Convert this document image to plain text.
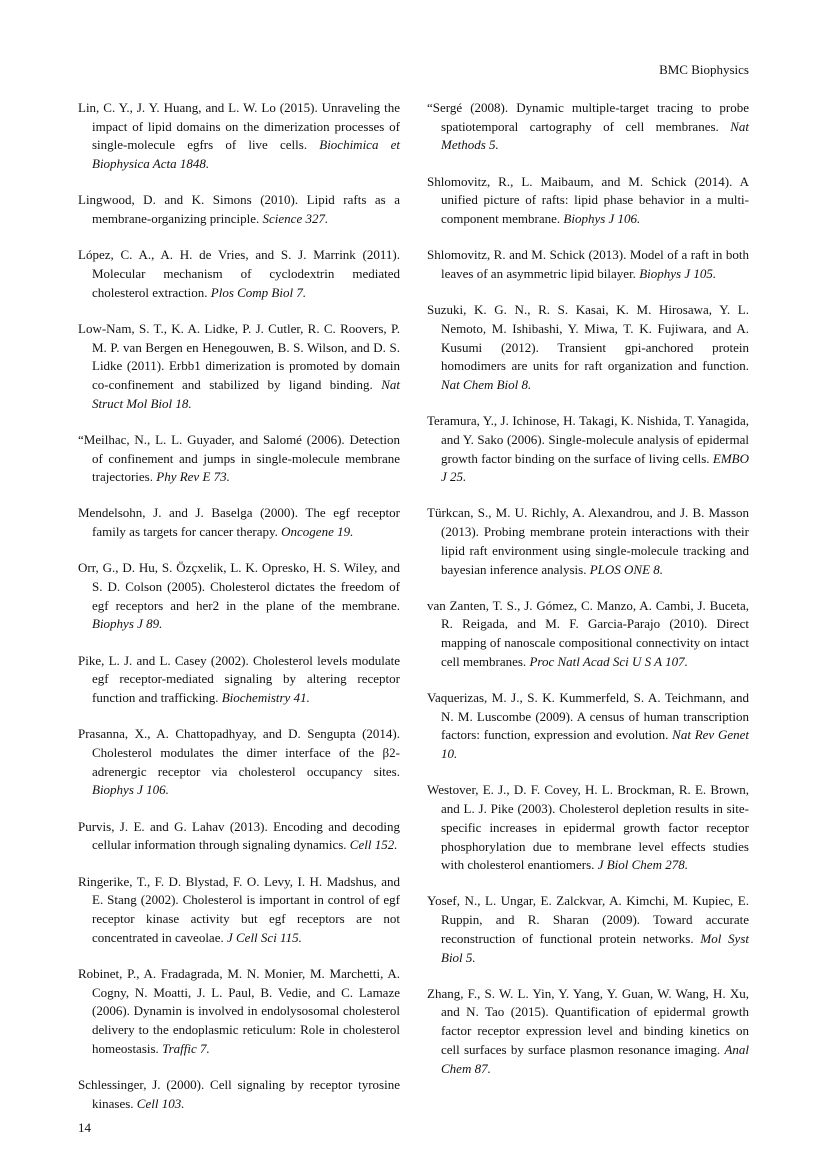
BMC Biophysics

Lin, C. Y., J. Y. Huang, and L. W. Lo (2015). Unraveling the impact of lipid domains on the dimerization processes of single-molecule egfrs of live cells. Biochimica et Biophysica Acta 1848.

Lingwood, D. and K. Simons (2010). Lipid rafts as a membrane-organizing principle. Science 327.

López, C. A., A. H. de Vries, and S. J. Marrink (2011). Molecular mechanism of cyclodextrin mediated cholesterol extraction. Plos Comp Biol 7.

Low-Nam, S. T., K. A. Lidke, P. J. Cutler, R. C. Roovers, P. M. P. van Bergen en Henegouwen, B. S. Wilson, and D. S. Lidke (2011). Erbb1 dimerization is promoted by domain co-confinement and stabilized by ligand binding. Nat Struct Mol Biol 18.

“Meilhac, N., L. L. Guyader, and Salomé (2006). Detection of confinement and jumps in single-molecule membrane trajectories. Phy Rev E 73.

Mendelsohn, J. and J. Baselga (2000). The egf receptor family as targets for cancer therapy. Oncogene 19.

Orr, G., D. Hu, S. Özçxelik, L. K. Opresko, H. S. Wiley, and S. D. Colson (2005). Cholesterol dictates the freedom of egf receptors and her2 in the plane of the membrane. Biophys J 89.

Pike, L. J. and L. Casey (2002). Cholesterol levels modulate egf receptor-mediated signaling by altering receptor function and trafficking. Biochemistry 41.

Prasanna, X., A. Chattopadhyay, and D. Sengupta (2014). Cholesterol modulates the dimer interface of the β2-adrenergic receptor via cholesterol occupancy sites. Biophys J 106.

Purvis, J. E. and G. Lahav (2013). Encoding and decoding cellular information through signaling dynamics. Cell 152.

Ringerike, T., F. D. Blystad, F. O. Levy, I. H. Madshus, and E. Stang (2002). Cholesterol is important in control of egf receptor kinase activity but egf receptors are not concentrated in caveolae. J Cell Sci 115.

Robinet, P., A. Fradagrada, M. N. Monier, M. Marchetti, A. Cogny, N. Moatti, J. L. Paul, B. Vedie, and C. Lamaze (2006). Dynamin is involved in endolysosomal cholesterol delivery to the endoplasmic reticulum: Role in cholesterol homeostasis. Traffic 7.

Schlessinger, J. (2000). Cell signaling by receptor tyrosine kinases. Cell 103.

“Sergé (2008). Dynamic multiple-target tracing to probe spatiotemporal cartography of cell membranes. Nat Methods 5.

Shlomovitz, R., L. Maibaum, and M. Schick (2014). A unified picture of rafts: lipid phase behavior in a multi-component membrane. Biophys J 106.

Shlomovitz, R. and M. Schick (2013). Model of a raft in both leaves of an asymmetric lipid bilayer. Biophys J 105.

Suzuki, K. G. N., R. S. Kasai, K. M. Hirosawa, Y. L. Nemoto, M. Ishibashi, Y. Miwa, T. K. Fujiwara, and A. Kusumi (2012). Transient gpi-anchored protein homodimers are units for raft organization and function. Nat Chem Biol 8.

Teramura, Y., J. Ichinose, H. Takagi, K. Nishida, T. Yanagida, and Y. Sako (2006). Single-molecule analysis of epidermal growth factor binding on the surface of living cells. EMBO J 25.

Türkcan, S., M. U. Richly, A. Alexandrou, and J. B. Masson (2013). Probing membrane protein interactions with their lipid raft environment using single-molecule tracking and bayesian inference analysis. PLOS ONE 8.

van Zanten, T. S., J. Gómez, C. Manzo, A. Cambi, J. Buceta, R. Reigada, and M. F. Garcia-Parajo (2010). Direct mapping of nanoscale compositional connectivity on intact cell membranes. Proc Natl Acad Sci U S A 107.

Vaquerizas, M. J., S. K. Kummerfeld, S. A. Teichmann, and N. M. Luscombe (2009). A census of human transcription factors: function, expression and evolution. Nat Rev Genet 10.

Westover, E. J., D. F. Covey, H. L. Brockman, R. E. Brown, and L. J. Pike (2003). Cholesterol depletion results in site-specific increases in epidermal growth factor receptor phosphorylation due to membrane level effects studies with cholesterol enantiomers. J Biol Chem 278.

Yosef, N., L. Ungar, E. Zalckvar, A. Kimchi, M. Kupiec, E. Ruppin, and R. Sharan (2009). Toward accurate reconstruction of functional protein networks. Mol Syst Biol 5.

Zhang, F., S. W. L. Yin, Y. Yang, Y. Guan, W. Wang, H. Xu, and N. Tao (2015). Quantification of epidermal growth factor receptor expression level and binding kinetics on cell surfaces by surface plasmon resonance imaging. Anal Chem 87.

14
